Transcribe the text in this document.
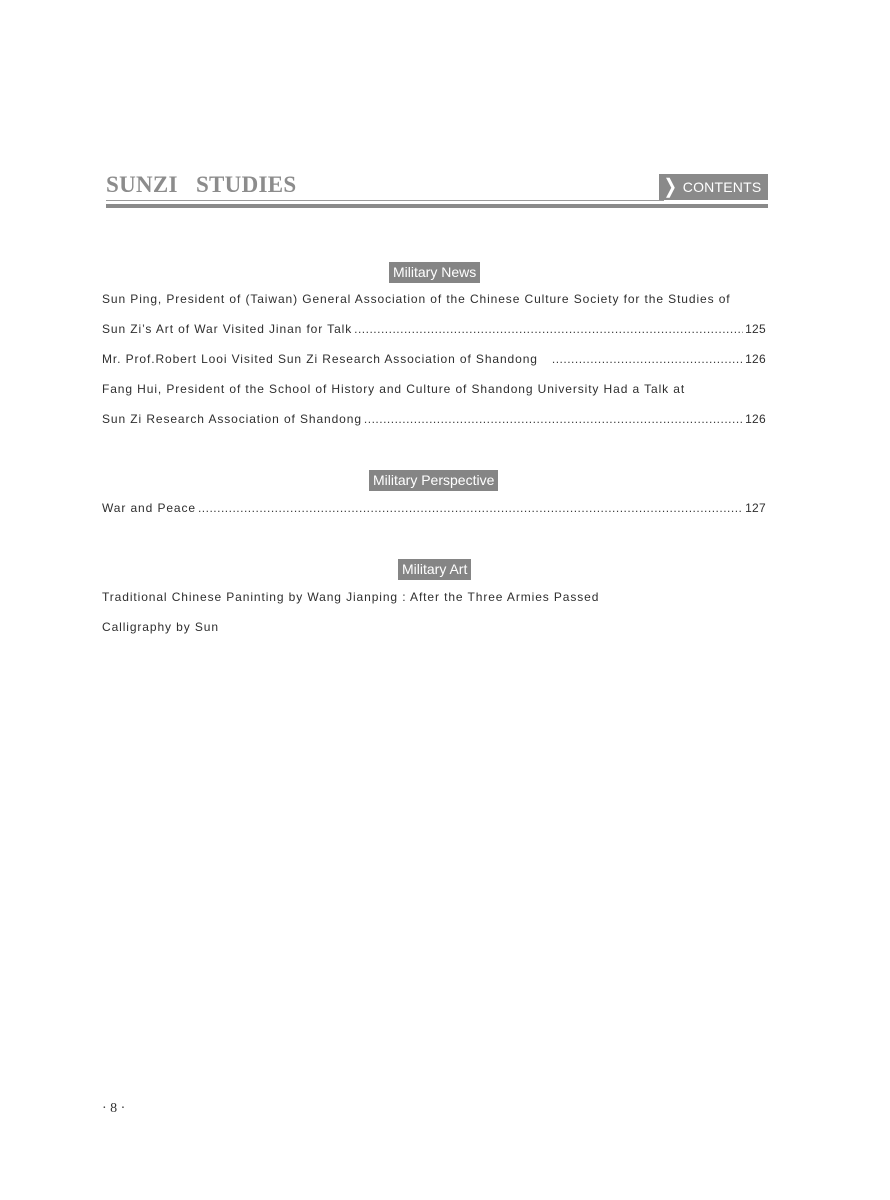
SUNZI   STUDIES	❯ CONTENTS
Military News
Sun Ping, President of (Taiwan) General Association of the Chinese Culture Society for the Studies of
Sun Zi’s Art of War Visited Jinan for Talk .....	125
Mr. Prof.Robert Looi Visited Sun Zi Research Association of Shandong .....	126
Fang Hui, President of the School of History and Culture of Shandong University Had a Talk at
Sun Zi Research Association of Shandong .....	126
Military Perspective
War and Peace .....	127
Military Art
Traditional Chinese Paninting by Wang Jianping : After the Three Armies Passed
Calligraphy by Sun
· 8 ·
